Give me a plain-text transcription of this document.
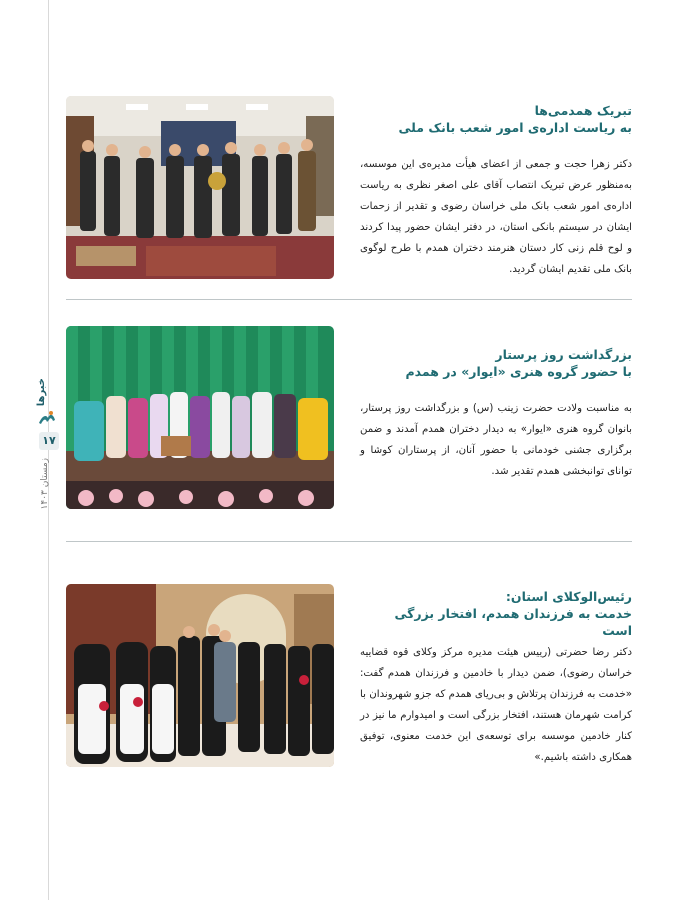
خبرها
۱۷
زمستان ۱۴۰۳
تبریک همدمی‌ها
به ریاست اداره‌ی امور شعب بانک ملی
دکتر زهرا حجت و جمعی از اعضای هیأت مدیره‌ی این موسسه، به‌منظور عرض تبریک انتصاب آقای علی اصغر نظری به ریاست اداره‌ی امور شعب بانک ملی خراسان رضوی و تقدیر از زحمات ایشان در سیستم بانکی استان، در دفتر ایشان حضور پیدا کردند و لوح قلم زنی کار دستان هنرمند دختران همدم با طرح لوگوی بانک ملی تقدیم ایشان گردید.
بزرگداشت روز پرستار
با حضور گروه هنری «ایوار» در همدم
به مناسبت ولادت حضرت زینب (س) و بزرگداشت روز پرستار، بانوان گروه هنری «ایوار» به دیدار دختران همدم آمدند و ضمن برگزاری جشنی خودمانی با حضور آنان، از پرستاران کوشا و توانای توانبخشی همدم تقدیر شد.
رئیس‌الوکلای استان:
خدمت به فرزندان همدم، افتخار بزرگی است
دکتر رضا حضرتی (رییس هیئت مدیره مرکز وکلای قوه قضاییه خراسان رضوی)، ضمن دیدار با خادمین و فرزندان همدم گفت: «خدمت به فرزندان پرتلاش و بی‌ریای همدم که جزو شهروندان با کرامت شهرمان هستند، افتخار بزرگی است و امیدوارم ما نیز در کنار خادمین موسسه برای توسعه‌ی این خدمت معنوی، توفیق همکاری داشته باشیم.»
